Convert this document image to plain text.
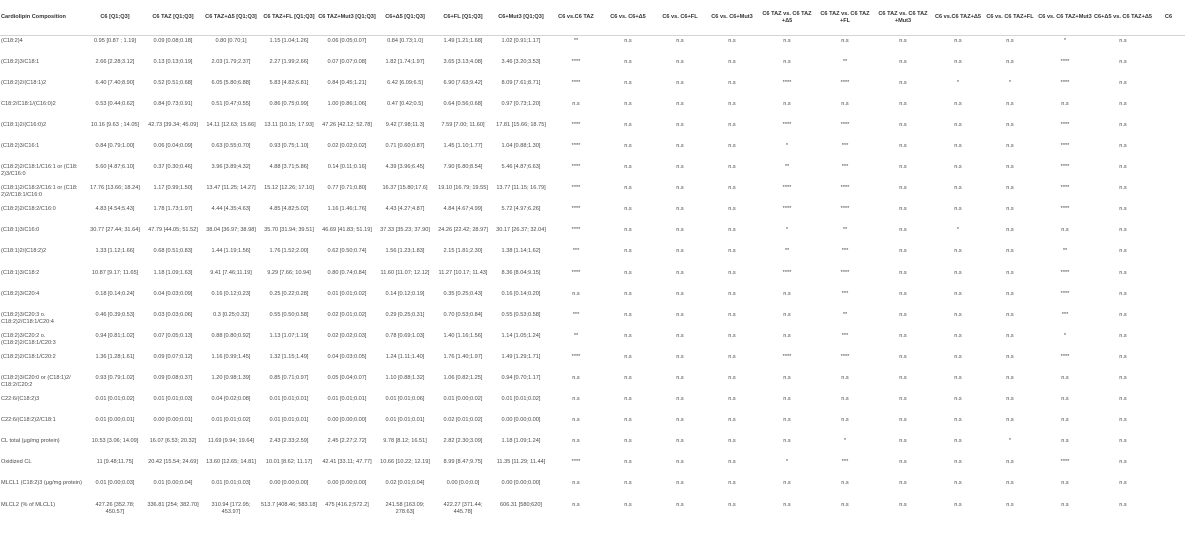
Cardiolipin Composition	C6 [Q1;Q3]	C6 TAZ [Q1;Q3]	C6 TAZ+Δ5 [Q1;Q3]	C6 TAZ+FL [Q1;Q3]	C6 TAZ+Mut3 [Q1;Q3]	C6+Δ5 [Q1;Q3]	C6+FL [Q1;Q3]	C6+Mut3 [Q1;Q3]	C6 vs.C6 TAZ	C6 vs. C6+Δ5	C6 vs. C6+FL	C6 vs. C6+Mut3	C6 TAZ vs. C6 TAZ +Δ5	C6 TAZ vs. C6 TAZ +FL	C6 TAZ vs. C6 TAZ +Mut3	C6 vs.C6 TAZ+Δ5	C6 vs. C6 TAZ+FL	C6 vs. C6 TAZ+Mut3	C6+Δ5 vs. C6 TAZ+Δ5	C6
(C18:2)4	0.95 [0.87 ; 1.19]	0.09 [0.08;0.18]	0.80 [0.70;1]	1.15 [1.04;1.26]	0.06 [0.05;0.07]	0.84 [0.73;1.0]	1.49 [1.21;1.68]	1.02 [0.91;1.17]	**	n.s	n.s	n.s	n.s	n.s	n.s	n.s	n.s	*	n.s	
(C18:2)3/C18:1	2.66 [2.28;3.12]	0.13 [0.13;0.19]	2.03 [1.79;2.37]	2.27 [1.99;2.66]	0.07 [0.07;0.08]	1.82 [1.74;1.97]	3.65 [3.13;4.08]	3.46 [3.20;3.53]	****	n.s	n.s	n.s	n.s	**	n.s	n.s	n.s	****	n.s	
(C18:2)2/(C18:1)2	6.40 [7.40;8.90]	0.52 [0.51;0.68]	6.05 [5.80;6.88]	5.83 [4.82;6.81]	0.84 [0.45;1.21]	6.42 [6.09;6.5]	6.90 [7.63;9.42]	8.09 [7.61;8.71]	****	n.s	n.s	n.s	****	****	n.s	*	*	****	n.s	
C18:2/C18:1/(C16:0)2	0.53 [0.44;0.62]	0.84 [0.73;0.91]	0.51 [0.47;0.55]	0.86 [0.75;0.99]	1.00 [0.86;1.06]	0.47 [0.42;0.5]	0.64 [0.56;0.68]	0.97 [0.73;1.20]	n.s	n.s	n.s	n.s	n.s	n.s	n.s	n.s	n.s	n.s	n.s	
(C18:1)2/(C16:0)2	10.16 [9.63 ; 14.05]	42.73 [39.34; 45.09]	14.11 [12.63; 15.66]	13.11 [10.15; 17.93]	47.26 [42.12; 52.78]	9.42 [7.98;11.3]	7.59 [7.00; 11.60]	17.81 [15.66; 18.75]	****	n.s	n.s	n.s	****	****	n.s	n.s	n.s	****	n.s	
(C18:2)3/C16:1	0.84 [0.79;1.00]	0.06 [0.04;0.09]	0.63 [0.55;0.70]	0.93 [0.75;1.10]	0.02 [0.02;0.02]	0.71 [0.60;0.87]	1.45 [1.10;1.77]	1.04 [0.88;1.30]	****	n.s	n.s	n.s	*	***	n.s	n.s	n.s	****	n.s	
(C18:2)2/C18:1/C16:1 or (C18: 2)3/C16:0	5.60 [4.87;6.10]	0.37 [0.30;0.46]	3.96 [3.89;4.32]	4.88 [3.71;5.86]	0.14 [0.11;0.16]	4.39 [3.96;6.45]	7.90 [6.80;8.54]	5.46 [4.87;6.63]	****	n.s	n.s	n.s	**	***	n.s	n.s	n.s	****	n.s	
(C18:1)2/C18:2/C16:1 or (C18: 2)2/C18:1/C16:0	17.76 [13.66; 18.24]	1.17 [0.99;1.50]	13.47 [11.25; 14.27]	15.12 [12.26; 17.10]	0.77 [0.71;0.80]	16.37 [15.80;17.6]	19.10 [16.79; 19.55]	13.77 [11.15; 16.79]	****	n.s	n.s	n.s	****	****	n.s	n.s	n.s	****	n.s	
(C18:2)2/C18:2/C16:0	4.83 [4.54;5.43]	1.78 [1.73;1.97]	4.44 [4.35;4.63]	4.85 [4.82;5.02]	1.16 [1.46;1.76]	4.43 [4.27;4.87]	4.84 [4.67;4.99]	5.72 [4.97;6.26]	****	n.s	n.s	n.s	****	****	n.s	n.s	n.s	****	n.s	
(C18:1)3/C16:0	30.77 [27.44; 31.64]	47.79 [44.05; 51.52]	38.04 [36.97; 38.98]	35.70 [31.94; 39.51]	46.69 [41.83; 51.19]	37.33 [35.23; 37.90]	24.26 [22.42; 28.97]	30.17 [26.37; 32.04]	****	n.s	n.s	n.s	*	**	n.s	*	n.s	n.s	n.s	
(C18:1)2/(C18:2)2	1.33 [1.12;1.66]	0.68 [0.51;0.83]	1.44 [1.19;1.56]	1.76 [1.52;2.00]	0.62 [0.50;0.74]	1.56 [1.23;1.83]	2.15 [1.81;2.30]	1.38 [1.14;1.62]	***	n.s	n.s	n.s	**	***	n.s	n.s	n.s	**	n.s	
(C18:1)3/C18:2	10.87 [9.17; 11.65]	1.18 [1.09;1.63]	9.41 [7.46;11.19]	9.29 [7.66; 10.94]	0.80 [0.74;0.84]	11.60 [11.07; 12.12]	11.27 [10.17; 11.43]	8.36 [8.04;9.15]	****	n.s	n.s	n.s	****	****	n.s	n.s	n.s	****	n.s	
(C18:2)3/C20:4	0.18 [0.14;0.24]	0.04 [0.03;0.09]	0.16 [0.12;0.23]	0.25 [0.22;0.28]	0.01 [0.01;0.02]	0.14 [0.12;0.19]	0.35 [0.25;0.43]	0.16 [0.14;0.20]	n.s	n.s	n.s	n.s	n.s	***	n.s	n.s	n.s	****	n.s	
(C18:2)3/C20:3 o. C18:2)2/C18:1/C20:4	0.46 [0.39;0.53]	0.03 [0.03;0.06]	0.3 [0.25;0.32]	0.55 [0.50;0.58]	0.02 [0.01;0.02]	0.29 [0.25;0.31]	0.70 [0.53;0.84]	0.55 [0.53;0.58]	***	n.s	n.s	n.s	n.s	**	n.s	n.s	n.s	***	n.s	
(C18:2)3/C20:2 o. (C18:2)2/C18:1/C20:3	0.94 [0.81;1.02]	0.07 [0.05;0.13]	0.88 [0.80;0.92]	1.13 [1.07;1.19]	0.02 [0.02;0.03]	0.78 [0.69;1.03]	1.40 [1.16;1.56]	1.14 [1.05;1.24]	**	n.s	n.s	n.s	n.s	***	n.s	n.s	n.s	*	n.s	
(C18:2)2/C18:1/C20:2	1.36 [1.28;1.61]	0.09 [0.07;0.12]	1.16 [0.99;1.45]	1.32 [1.15;1.49]	0.04 [0.03;0.05]	1.24 [1.11;1.40]	1.76 [1.40;1.97]	1.49 [1.29;1.71]	****	n.s	n.s	n.s	****	****	n.s	n.s	n.s	****	n.s	
(C18:2)3/C20:0 or (C18:1)2/ C18:2/C20:2	0.93 [0.79;1.02]	0.09 [0.08;0.37]	1.20 [0.98;1.39]	0.85 [0.71;0.97]	0.05 [0.04;0.07]	1.10 [0.88;1.32]	1.06 [0.82;1.25]	0.94 [0.70;1.17]	n.s	n.s	n.s	n.s	n.s	n.s	n.s	n.s	n.s	n.s	n.s	
C22:6/(C18:2)3	0.01 [0.01;0.02]	0.01 [0.01;0.03]	0.04 [0.02;0.08]	0.01 [0.01;0.01]	0.01 [0.01;0.01]	0.01 [0.01;0.06]	0.01 [0.00;0.02]	0.01 [0.01;0.02]	n.s	n.s	n.s	n.s	n.s	n.s	n.s	n.s	n.s	n.s	n.s	
C22:6/(C18:2)2/C18:1	0.01 [0.00;0.01]	0.00 [0.00;0.01]	0.01 [0.01;0.02]	0.01 [0.01;0.01]	0.00 [0.00;0.00]	0.01 [0.01;0.01]	0.02 [0.01;0.02]	0.00 [0.00;0.00]	n.s	n.s	n.s	n.s	n.s	n.s	n.s	n.s	n.s	n.s	n.s	
CL total (μg/mg protein)	10.53 [3.06; 14.09]	16.07 [6.53; 20.32]	11.69 [9.94; 19.64]	2.43 [2.33;2.59]	2.45 [2.27;2.72]	9.78 [8.12; 16.51]	2.82 [2.30;3.09]	1.18 [1.09;1.24]	n.s	n.s	n.s	n.s	n.s	*	n.s	n.s	*	n.s	n.s	
Oxidized CL	11 [9.48;11.75]	20.42 [15.54; 24.69]	13.60 [12.65; 14.81]	10.01 [8.62; 11.17]	42.41 [33.11; 47.77]	10.66 [10.22; 12.19]	8.99 [8.47;9.75]	11.35 [11.29; 11.44]	****	n.s	n.s	n.s	*	***	n.s	n.s	n.s	****	n.s	
MLCL1 (C18:2)3 (μg/mg protein)	0.01 [0.00;0.03]	0.01 [0.00;0.04]	0.01 [0.01;0.03]	0.00 [0.00;0.00]	0.00 [0.00;0.00]	0.02 [0.01;0.04]	0.00 [0.0;0.0]	0.00 [0.00;0.00]	n.s	n.s	n.s	n.s	n.s	n.s	n.s	n.s	n.s	n.s	n.s	
MLCL2 (% of MLCL1)	427.26 [352.78; 450.57]	336.81 [254; 382.70]	310.94 [172.95; 453.97]	513.7 [408.46; 583.18]	475 [416.2;572.2]	241.58 [163.09; 278.63]	422.27 [371.44; 445.78]	606.31 [580;620]	n.s	n.s	n.s	n.s	n.s	n.s	n.s	n.s	n.s	n.s	n.s	
